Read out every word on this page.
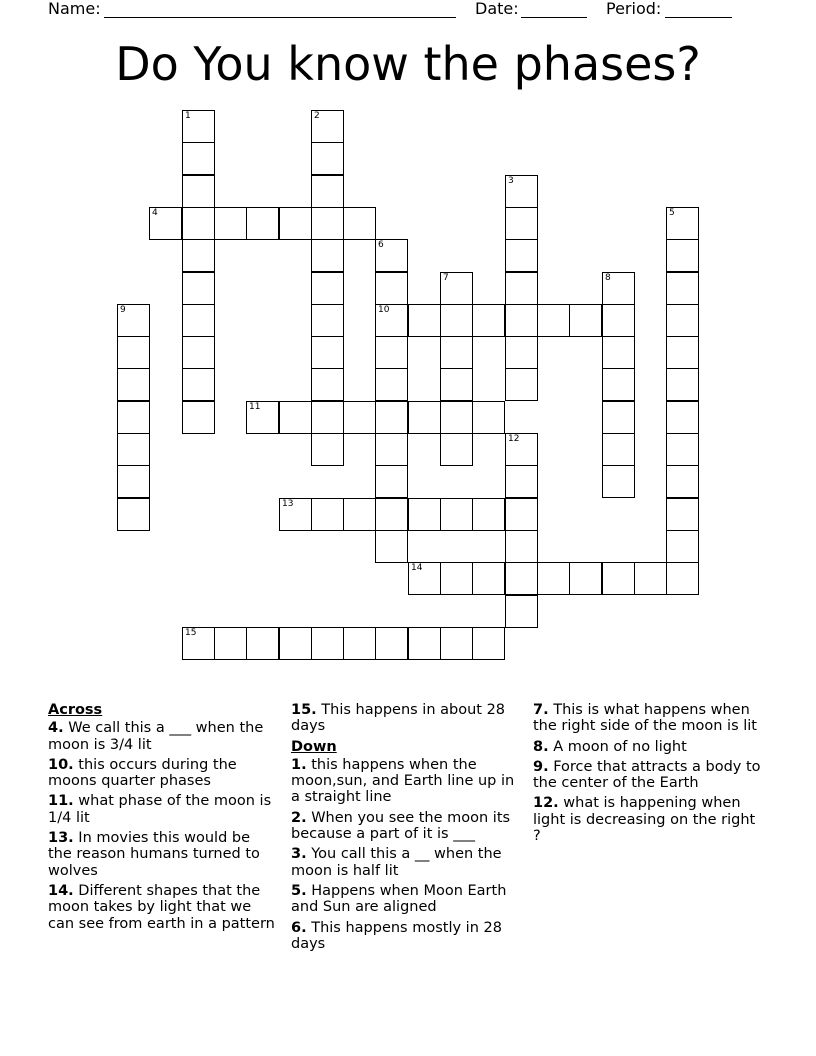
Name:	Date:	Period:
Do You know the phases?
1	2
3
4	5
6
10
7	8
9
11
12
13
14
15
Across
4. We call this a ___ when the moon is 3/4 lit
10. this occurs during the moons quarter phases
11. what phase of the moon is 1/4 lit
13. In movies this would be the reason humans turned to wolves
14. Different shapes that the moon takes by light that we can see from earth in a pattern
15. This happens in about 28 days
Down
1. this happens when the moon,sun, and Earth line up in a straight line
2. When you see the moon its because a part of it is ___
3. You call this a __ when the moon is half lit
5. Happens when Moon Earth and Sun are aligned
6. This happens mostly in 28 days
7. This is what happens when the right side of the moon is lit
8. A moon of no light
9. Force that attracts a body to the center of the Earth
12. what is happening when light is decreasing on the right ?
